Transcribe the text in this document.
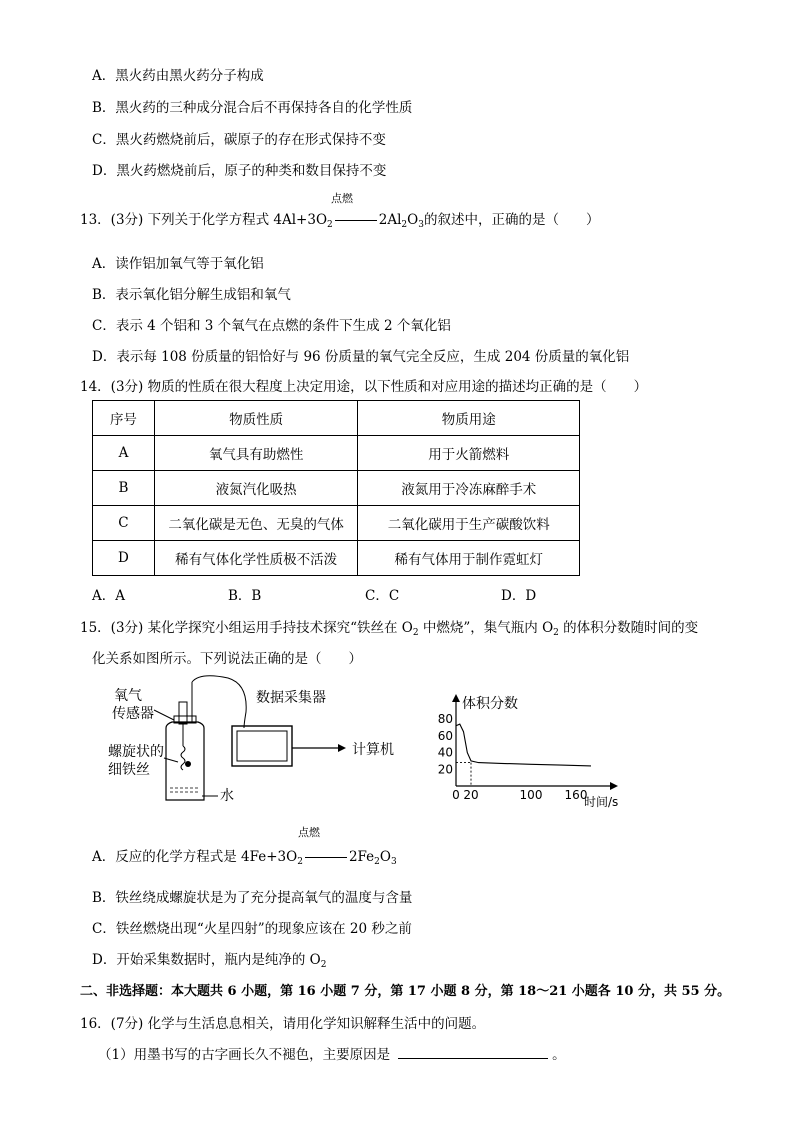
A．黑火药由黑火药分子构成
B．黑火药的三种成分混合后不再保持各自的化学性质
C．黑火药燃烧前后，碳原子的存在形式保持不变
D．黑火药燃烧前后，原子的种类和数目保持不变
点燃
13．(3分) 下列关于化学方程式 $4Al+3O_2$	$2Al_2O_3$的叙述中，正确的是（　　）
A．读作铝加氧气等于氧化铝
B．表示氧化铝分解生成铝和氧气
C．表示 4 个铝和 3 个氧气在点燃的条件下生成 2 个氧化铝
D．表示每 108 份质量的铝恰好与 96 份质量的氧气完全反应，生成 204 份质量的氧化铝
14．(3分) 物质的性质在很大程度上决定用途，以下性质和对应用途的描述均正确的是（　　）
序号	物质性质	物质用途
A	氧气具有助燃性	用于火箭燃料
B	液氮汽化吸热	液氮用于冷冻麻醉手术
C	二氧化碳是无色、无臭的气体	二氧化碳用于生产碳酸饮料
D	稀有气体化学性质极不活泼	稀有气体用于制作霓虹灯
A．A	B．B	C．C	D．D
15．(3分) 某化学探究小组运用手持技术探究“铁丝在 $O_2$ 中燃烧”，集气瓶内 $O_2$ 的体积分数随时间的变
化关系如图所示。下列说法正确的是（　　）
氧气
传感器
螺旋状的
细铁丝
水
数据采集器
计算机
体积分数
时间/s
80
60
40
20
0 20	100 160
点燃
A．反应的化学方程式是 $4Fe+3O_2$	$2Fe_2O_3$
B．铁丝绕成螺旋状是为了充分提高氧气的温度与含量
C．铁丝燃烧出现“火星四射”的现象应该在 20 秒之前
D．开始采集数据时，瓶内是纯净的 $O_2$
二、非选择题：本大题共 6 小题，第 16 小题 7 分，第 17 小题 8 分，第 18～21 小题各 10 分，共 55 分。
16．(7分) 化学与生活息息相关，请用化学知识解释生活中的问题。
（1）用墨书写的古字画长久不褪色，主要原因是	。
